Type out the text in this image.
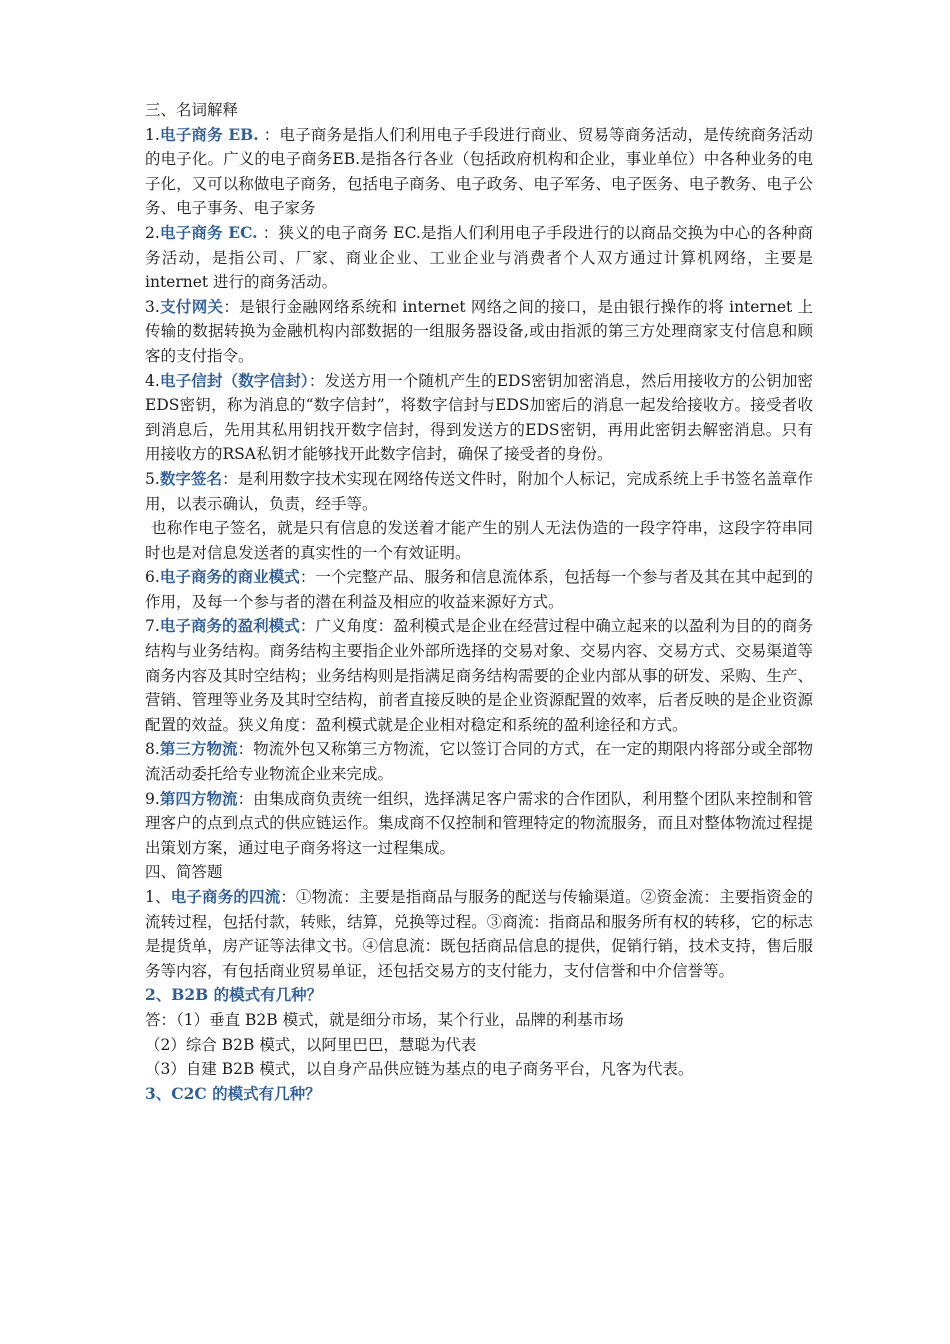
三、名词解释

1.电子商务 EB. ：电子商务是指人们利用电子手段进行商业、贸易等商务活动，是传统商务活动的电子化。广义的电子商务EB.是指各行各业（包括政府机构和企业，事业单位）中各种业务的电子化，又可以称做电子商务，包括电子商务、电子政务、电子军务、电子医务、电子教务、电子公务、电子事务、电子家务

2.电子商务 EC. ：狭义的电子商务 EC.是指人们利用电子手段进行的以商品交换为中心的各种商务活动，是指公司、厂家、商业企业、工业企业与消费者个人双方通过计算机网络，主要是 internet 进行的商务活动。

3.支付网关：是银行金融网络系统和 internet 网络之间的接口，是由银行操作的将 internet 上传输的数据转换为金融机构内部数据的一组服务器设备,或由指派的第三方处理商家支付信息和顾客的支付指令。

4.电子信封（数字信封）：发送方用一个随机产生的EDS密钥加密消息，然后用接收方的公钥加密EDS密钥，称为消息的“数字信封”，将数字信封与EDS加密后的消息一起发给接收方。接受者收到消息后，先用其私用钥找开数字信封，得到发送方的EDS密钥，再用此密钥去解密消息。只有用接收方的RSA私钥才能够找开此数字信封，确保了接受者的身份。

5.数字签名：是利用数字技术实现在网络传送文件时，附加个人标记，完成系统上手书签名盖章作用，以表示确认，负责，经手等。

也称作电子签名，就是只有信息的发送着才能产生的别人无法伪造的一段字符串，这段字符串同时也是对信息发送者的真实性的一个有效证明。

6.电子商务的商业模式：一个完整产品、服务和信息流体系，包括每一个参与者及其在其中起到的作用，及每一个参与者的潜在利益及相应的收益来源好方式。

7.电子商务的盈利模式：广义角度：盈利模式是企业在经营过程中确立起来的以盈利为目的的商务结构与业务结构。商务结构主要指企业外部所选择的交易对象、交易内容、交易方式、交易渠道等商务内容及其时空结构；业务结构则是指满足商务结构需要的企业内部从事的研发、采购、生产、营销、管理等业务及其时空结构，前者直接反映的是企业资源配置的效率，后者反映的是企业资源配置的效益。狭义角度：盈利模式就是企业相对稳定和系统的盈利途径和方式。

8.第三方物流：物流外包又称第三方物流，它以签订合同的方式，在一定的期限内将部分或全部物流活动委托给专业物流企业来完成。

9.第四方物流：由集成商负责统一组织，选择满足客户需求的合作团队，利用整个团队来控制和管理客户的点到点式的供应链运作。集成商不仅控制和管理特定的物流服务，而且对整体物流过程提出策划方案，通过电子商务将这一过程集成。

四、简答题

1、电子商务的四流：①物流：主要是指商品与服务的配送与传输渠道。②资金流：主要指资金的流转过程，包括付款，转账，结算，兑换等过程。③商流：指商品和服务所有权的转移，它的标志是提货单，房产证等法律文书。④信息流：既包括商品信息的提供，促销行销，技术支持，售后服务等内容，有包括商业贸易单证，还包括交易方的支付能力，支付信誉和中介信誉等。

2、B2B 的模式有几种？

答：（1）垂直 B2B 模式，就是细分市场，某个行业，品牌的利基市场

（2）综合 B2B 模式，以阿里巴巴，慧聪为代表

（3）自建 B2B 模式，以自身产品供应链为基点的电子商务平台，凡客为代表。

3、C2C 的模式有几种？
